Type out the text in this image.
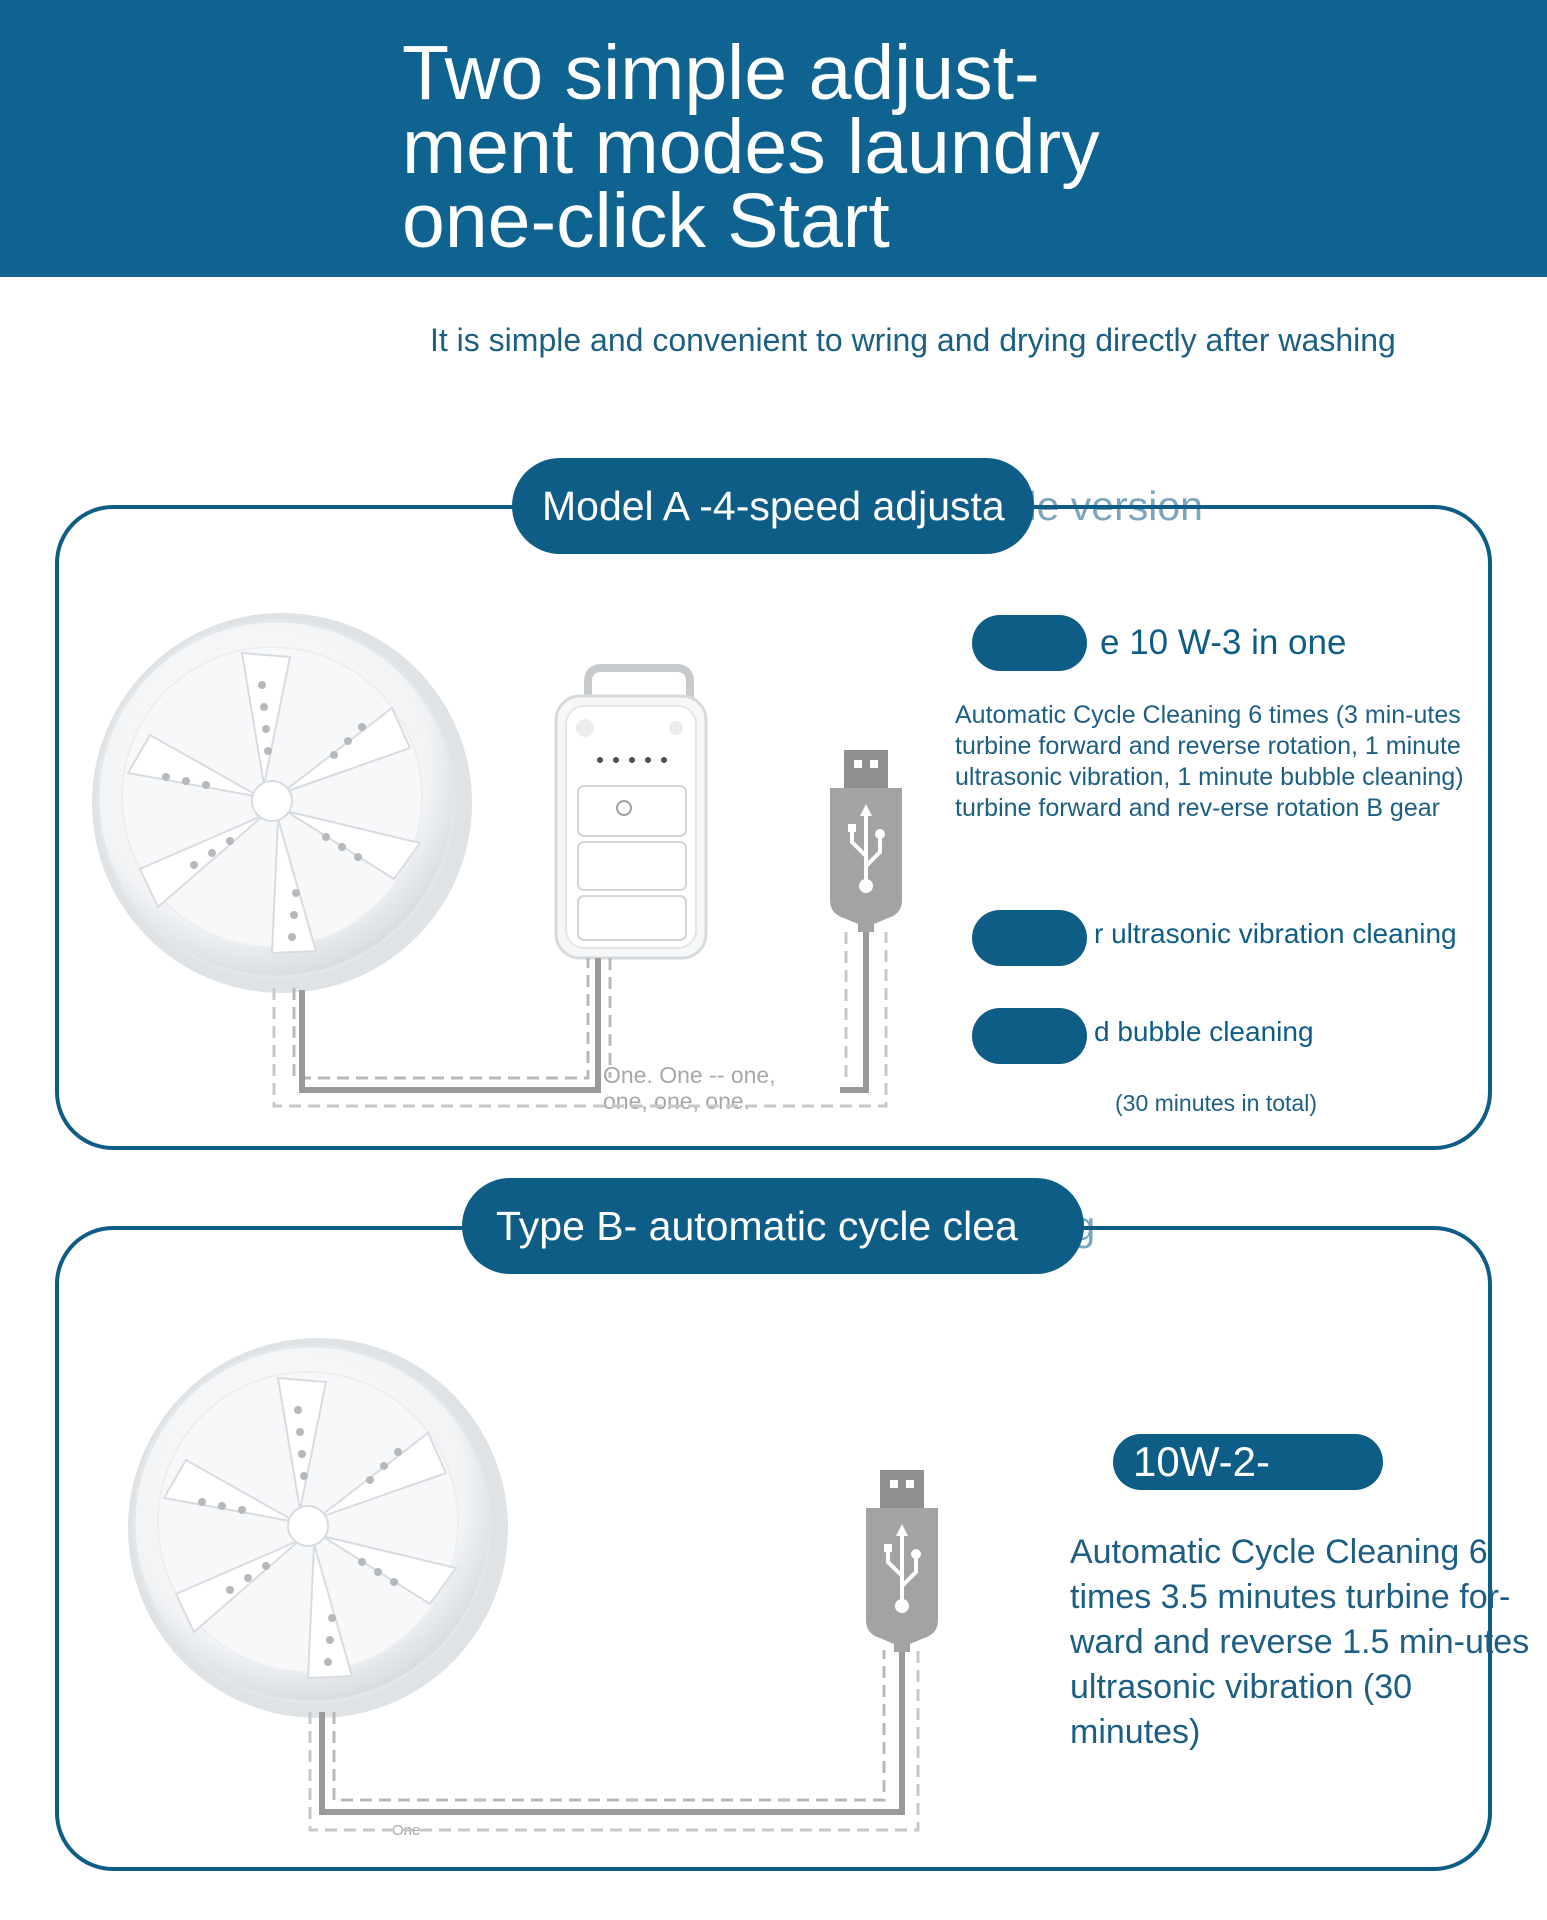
Two simple adjust-
ment modes laundry
one-click Start

It is simple and convenient to wring and drying directly after washing

Model A -4-speed adjustable version
e 10 W-3 in one

Automatic Cycle Cleaning 6 times (3 min-utes turbine forward and reverse rotation, 1 minute ultrasonic vibration, 1 minute bubble cleaning) turbine forward and rev-erse rotation B gear

r ultrasonic vibration cleaning
d bubble cleaning
(30 minutes in total)
One. One -- one,
one, one, one.
Type B- automatic cycle cleaning
10W-2-

Automatic Cycle Cleaning 6 times 3.5 minutes turbine for-ward and reverse 1.5 min-utes ultrasonic vibration (30 minutes)

One
